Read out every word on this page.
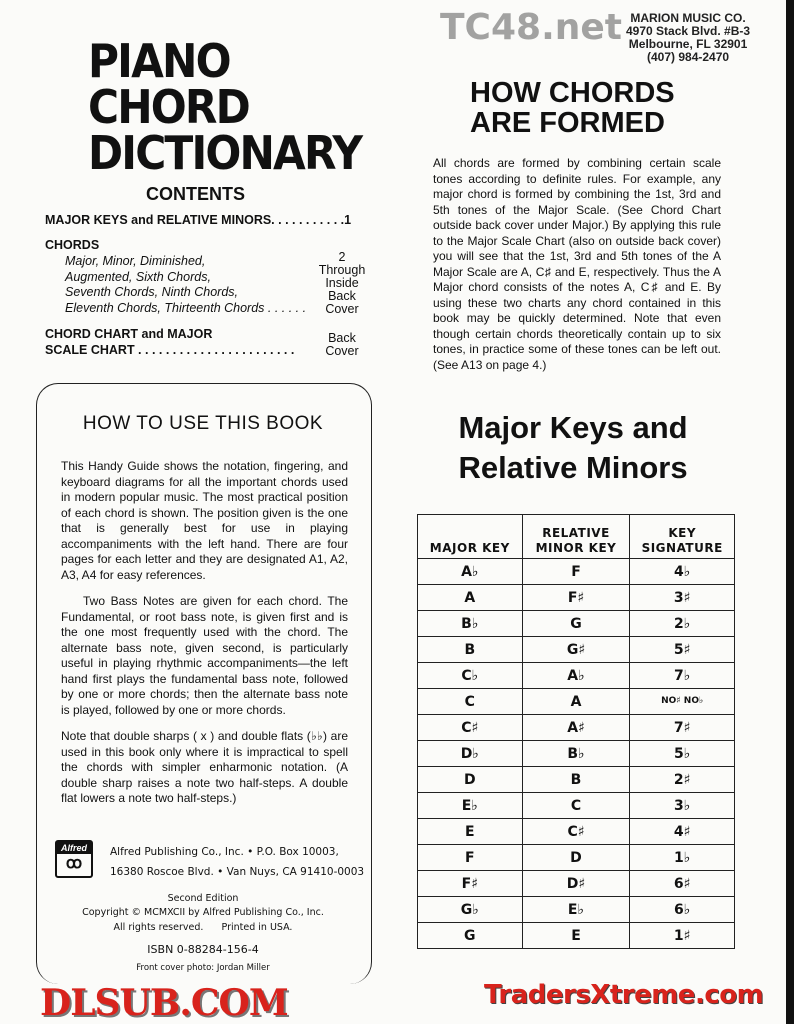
PIANO
CHORD
DICTIONARY
CONTENTS
MAJOR KEYS and RELATIVE MINORS. . . . . . . . . . .1
CHORDS
Major, Minor, Diminished,
Augmented, Sixth Chords,
Seventh Chords, Ninth Chords,
Eleventh Chords, Thirteenth Chords . . . . . .
2
Through
Inside
Back
Cover
CHORD CHART and MAJOR
SCALE CHART . . . . . . . . . . . . . . . . . . . . . . .
Back
Cover
HOW TO USE THIS BOOK

This Handy Guide shows the notation, fingering, and keyboard diagrams for all the important chords used in modern popular music. The most practical position of each chord is shown. The position given is the one that is generally best for use in playing accompaniments with the left hand. There are four pages for each letter and they are designated A1, A2, A3, A4 for easy references.

Two Bass Notes are given for each chord. The Fundamental, or root bass note, is given first and is the one most frequently used with the chord. The alternate bass note, given second, is particularly useful in playing rhythmic accompaniments—the left hand first plays the fundamental bass note, followed by one or more chords; then the alternate bass note is played, followed by one or more chords.

Note that double sharps ( x ) and double flats (♭♭) are used in this book only where it is impractical to spell the chords with simpler enharmonic notation. (A double sharp raises a note two half-steps. A double flat lowers a note two half-steps.)

Alfred
ꝏ
Alfred Publishing Co., Inc. • P.O. Box 10003,
16380 Roscoe Blvd. • Van Nuys, CA 91410-0003
Second Edition
Copyright © MCMXCII by Alfred Publishing Co., Inc.
All rights reserved.      Printed in USA.
ISBN 0-88284-156-4
Front cover photo: Jordan Miller
TC48.net MARION MUSIC CO.
4970 Stack Blvd. #B-3
Melbourne, FL 32901
(407) 984-2470
HOW CHORDS
ARE FORMED
All chords are formed by combining certain scale tones according to definite rules. For example, any major chord is formed by combining the 1st, 3rd and 5th tones of the Major Scale. (See Chord Chart outside back cover under Major.) By applying this rule to the Major Scale Chart (also on outside back cover) you will see that the 1st, 3rd and 5th tones of the A Major Scale are A, C♯ and E, respectively. Thus the A Major chord consists of the notes A, C♯ and E. By using these two charts any chord contained in this book may be quickly determined. Note that even though certain chords theoretically contain up to six tones, in practice some of these tones can be left out. (See A13 on page 4.)
Major Keys and
Relative Minors
MAJOR KEY	RELATIVE MINOR KEY	KEY SIGNATURE
A♭	F	4♭
A	F♯	3♯
B♭	G	2♭
B	G♯	5♯
C♭	A♭	7♭
C	A	NO♯ NO♭
C♯	A♯	7♯
D♭	B♭	5♭
D	B	2♯
E♭	C	3♭
E	C♯	4♯
F	D	1♭
F♯	D♯	6♯
G♭	E♭	6♭
G	E	1♯
DLSUB.COM	TradersXtreme.com
